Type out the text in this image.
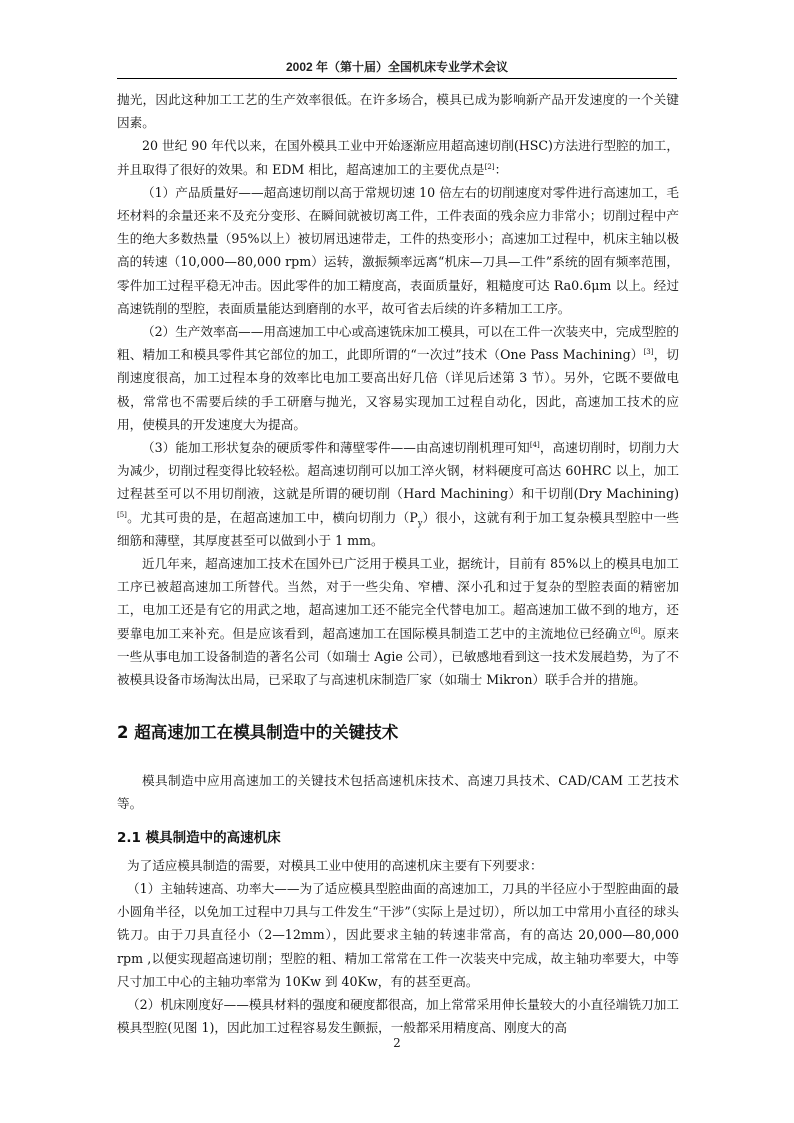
2002 年（第十届）全国机床专业学术会议

抛光，因此这种加工工艺的生产效率很低。在许多场合，模具已成为影响新产品开发速度的一个关键因素。

20 世纪 90 年代以来，在国外模具工业中开始逐渐应用超高速切削(HSC)方法进行型腔的加工，并且取得了很好的效果。和 EDM 相比，超高速加工的主要优点是[2]：

（1）产品质量好——超高速切削以高于常规切速 10 倍左右的切削速度对零件进行高速加工，毛坯材料的余量还来不及充分变形、在瞬间就被切离工件，工件表面的残余应力非常小；切削过程中产生的绝大多数热量（95%以上）被切屑迅速带走，工件的热变形小；高速加工过程中，机床主轴以极高的转速（10,000—80,000 rpm）运转，激振频率远离“机床—刀具—工件”系统的固有频率范围，零件加工过程平稳无冲击。因此零件的加工精度高，表面质量好，粗糙度可达 Ra0.6μm 以上。经过高速铣削的型腔，表面质量能达到磨削的水平，故可省去后续的许多精加工工序。

（2）生产效率高——用高速加工中心或高速铣床加工模具，可以在工件一次装夹中，完成型腔的粗、精加工和模具零件其它部位的加工，此即所谓的“一次过”技术（One Pass Machining）[3]，切削速度很高，加工过程本身的效率比电加工要高出好几倍（详见后述第 3 节）。另外，它既不要做电极，常常也不需要后续的手工研磨与抛光，又容易实现加工过程自动化，因此，高速加工技术的应用，使模具的开发速度大为提高。

（3）能加工形状复杂的硬质零件和薄壁零件——由高速切削机理可知[4]，高速切削时，切削力大为减少，切削过程变得比较轻松。超高速切削可以加工淬火钢，材料硬度可高达 60HRC 以上，加工过程甚至可以不用切削液，这就是所谓的硬切削（Hard Machining）和干切削(Dry Machining)[5]。尤其可贵的是，在超高速加工中，横向切削力$(P_y)$很小，这就有利于加工复杂模具型腔中一些细筋和薄壁，其厚度甚至可以做到小于 1 mm。

近几年来，超高速加工技术在国外已广泛用于模具工业，据统计，目前有 85%以上的模具电加工工序已被超高速加工所替代。当然，对于一些尖角、窄槽、深小孔和过于复杂的型腔表面的精密加工，电加工还是有它的用武之地，超高速加工还不能完全代替电加工。超高速加工做不到的地方，还要靠电加工来补充。但是应该看到，超高速加工在国际模具制造工艺中的主流地位已经确立[6]。原来一些从事电加工设备制造的著名公司（如瑞士 Agie 公司），已敏感地看到这一技术发展趋势，为了不被模具设备市场淘汰出局，已采取了与高速机床制造厂家（如瑞士 Mikron）联手合并的措施。

2 超高速加工在模具制造中的关键技术

模具制造中应用高速加工的关键技术包括高速机床技术、高速刀具技术、CAD/CAM 工艺技术等。

2.1 模具制造中的高速机床

为了适应模具制造的需要，对模具工业中使用的高速机床主要有下列要求：

（1）主轴转速高、功率大——为了适应模具型腔曲面的高速加工，刀具的半径应小于型腔曲面的最小圆角半径，以免加工过程中刀具与工件发生“干涉”（实际上是过切），所以加工中常用小直径的球头铣刀。由于刀具直径小（2—12mm），因此要求主轴的转速非常高，有的高达 20,000—80,000 rpm ,以便实现超高速切削；型腔的粗、精加工常常在工件一次装夹中完成，故主轴功率要大，中等尺寸加工中心的主轴功率常为 10Kw 到 40Kw，有的甚至更高。

（2）机床刚度好——模具材料的强度和硬度都很高，加上常常采用伸长量较大的小直径端铣刀加工模具型腔(见图 1)，因此加工过程容易发生颤振，一般都采用精度高、刚度大的高

2
